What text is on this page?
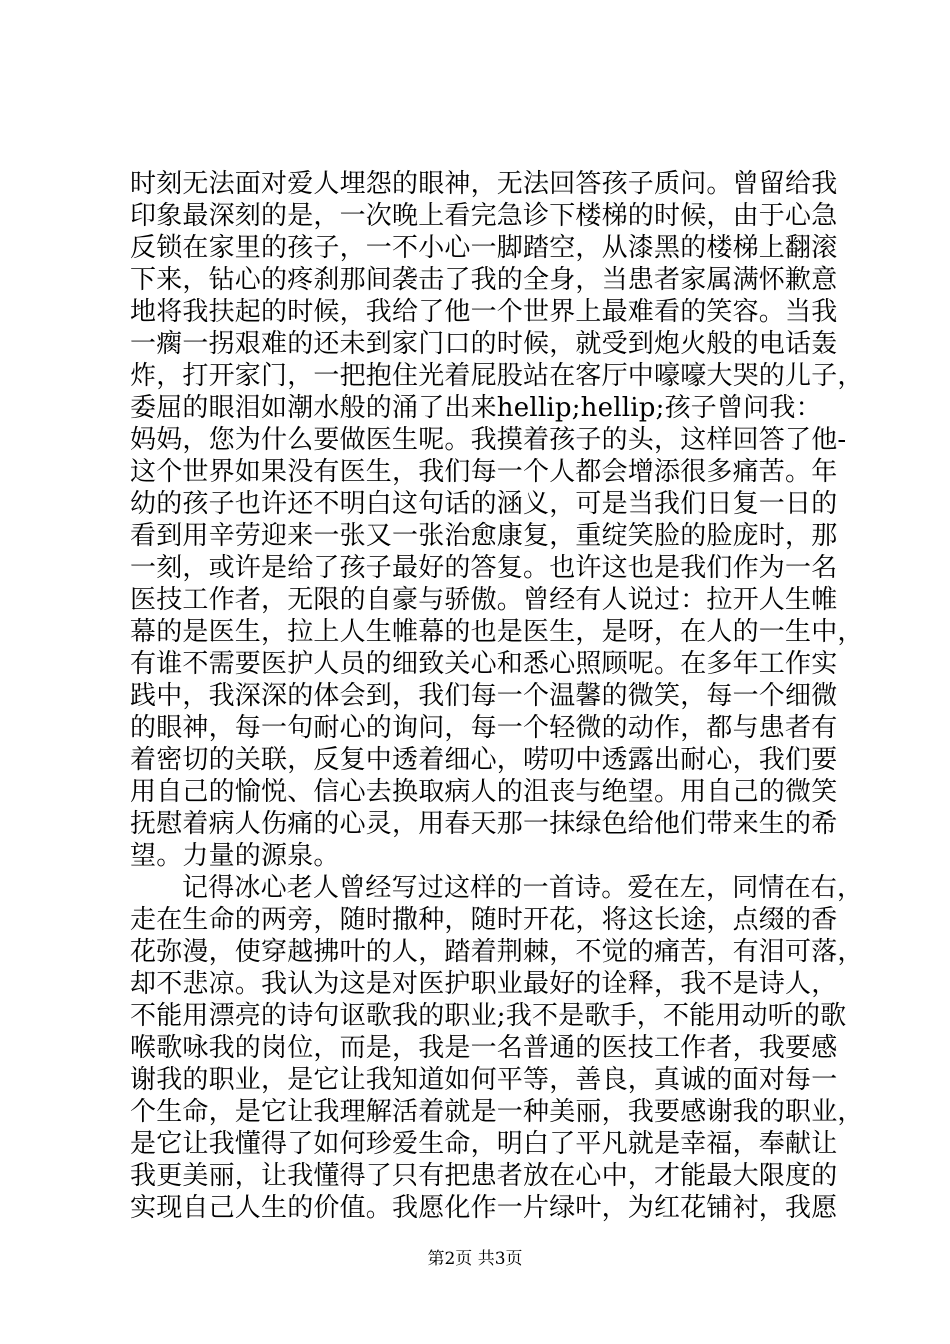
时刻无法面对爱人埋怨的眼神，无法回答孩子质问。曾留给我
印象最深刻的是，一次晚上看完急诊下楼梯的时候，由于心急
反锁在家里的孩子，一不小心一脚踏空，从漆黑的楼梯上翻滚
下来，钻心的疼刹那间袭击了我的全身，当患者家属满怀歉意
地将我扶起的时候，我给了他一个世界上最难看的笑容。当我
一瘸一拐艰难的还未到家门口的时候，就受到炮火般的电话轰
炸，打开家门，一把抱住光着屁股站在客厅中嚎嚎大哭的儿子，
委屈的眼泪如潮水般的涌了出来hellip;hellip;孩子曾问我：
妈妈，您为什么要做医生呢。我摸着孩子的头，这样回答了他-
这个世界如果没有医生，我们每一个人都会增添很多痛苦。年
幼的孩子也许还不明白这句话的涵义，可是当我们日复一日的
看到用辛劳迎来一张又一张治愈康复，重绽笑脸的脸庞时，那
一刻，或许是给了孩子最好的答复。也许这也是我们作为一名
医技工作者，无限的自豪与骄傲。曾经有人说过：拉开人生帷
幕的是医生，拉上人生帷幕的也是医生，是呀，在人的一生中，
有谁不需要医护人员的细致关心和悉心照顾呢。在多年工作实
践中，我深深的体会到，我们每一个温馨的微笑，每一个细微
的眼神，每一句耐心的询问，每一个轻微的动作，都与患者有
着密切的关联，反复中透着细心，唠叨中透露出耐心，我们要
用自己的愉悦、信心去换取病人的沮丧与绝望。用自己的微笑
抚慰着病人伤痛的心灵，用春天那一抹绿色给他们带来生的希
望。力量的源泉。
记得冰心老人曾经写过这样的一首诗。爱在左，同情在右，
走在生命的两旁，随时撒种，随时开花，将这长途，点缀的香
花弥漫，使穿越拂叶的人，踏着荆棘，不觉的痛苦，有泪可落，
却不悲凉。我认为这是对医护职业最好的诠释，我不是诗人，
不能用漂亮的诗句讴歌我的职业;我不是歌手，不能用动听的歌
喉歌咏我的岗位，而是，我是一名普通的医技工作者，我要感
谢我的职业，是它让我知道如何平等，善良，真诚的面对每一
个生命，是它让我理解活着就是一种美丽，我要感谢我的职业，
是它让我懂得了如何珍爱生命，明白了平凡就是幸福，奉献让
我更美丽，让我懂得了只有把患者放在心中，才能最大限度的
实现自己人生的价值。我愿化作一片绿叶，为红花铺衬，我愿
第2页 共3页
